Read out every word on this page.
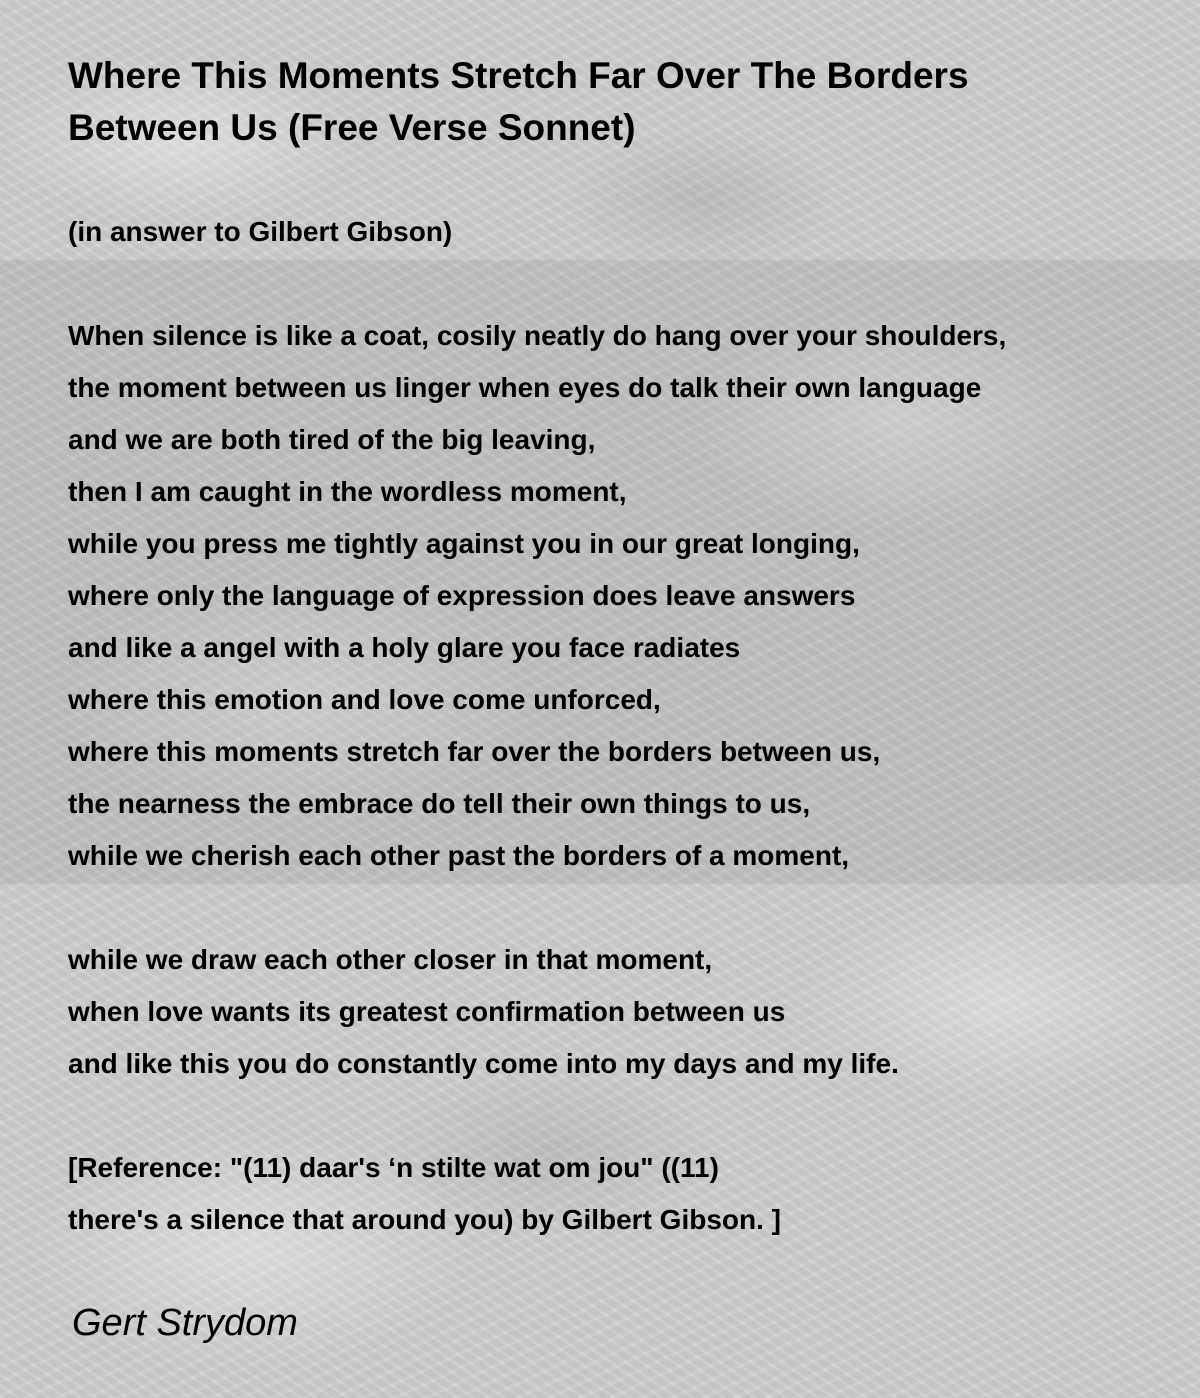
Where This Moments Stretch Far Over The Borders
Between Us (Free Verse Sonnet)
(in answer to Gilbert Gibson)
When silence is like a coat, cosily neatly do hang over your shoulders,
the moment between us linger when eyes do talk their own language
and we are both tired of the big leaving,
then I am caught in the wordless moment,
while you press me tightly against you in our great longing,
where only the language of expression does leave answers
and like a angel with a holy glare you face radiates
where this emotion and love come unforced,
where this moments stretch far over the borders between us,
the nearness the embrace do tell their own things to us,
while we cherish each other past the borders of a moment,
while we draw each other closer in that moment,
when love wants its greatest confirmation between us
and like this you do constantly come into my days and my life.
[Reference: "(11) daar's ‘n stilte wat om jou" ((11)
there's a silence that around you) by Gilbert Gibson. ]
Gert Strydom
